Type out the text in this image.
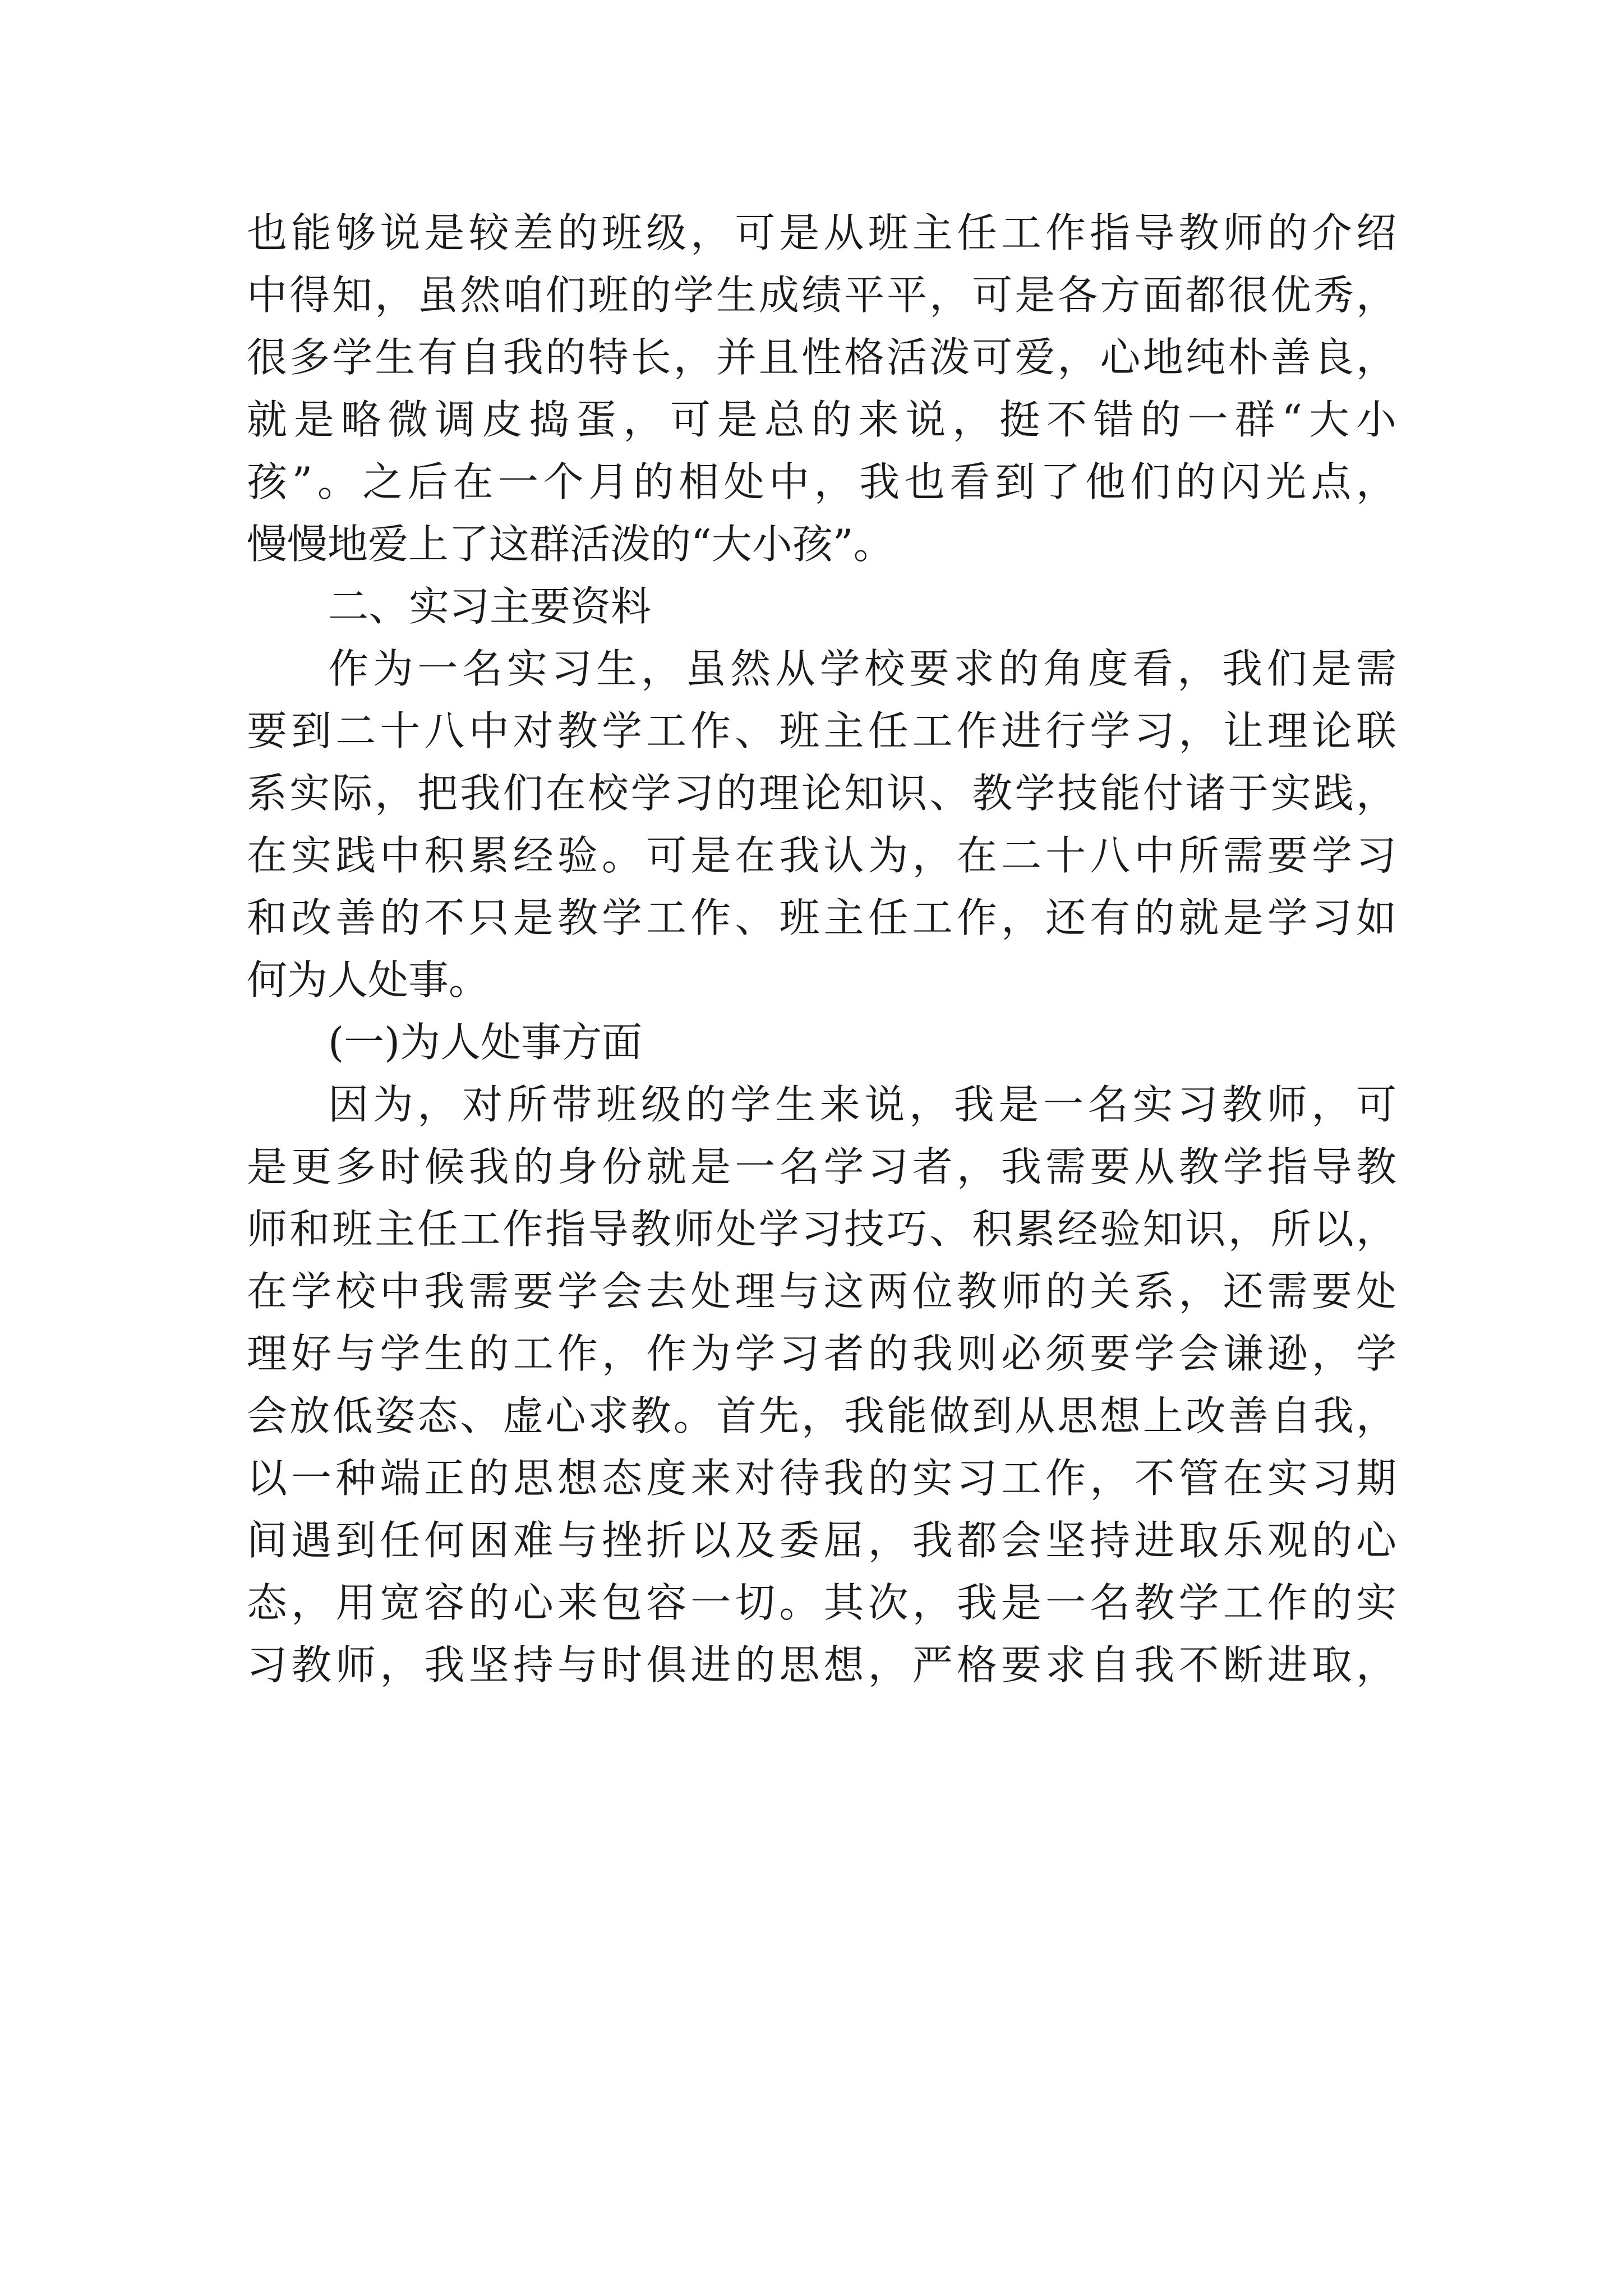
也能够说是较差的班级，可是从班主任工作指导教师的介绍
中得知，虽然咱们班的学生成绩平平，可是各方面都很优秀，
很多学生有自我的特长，并且性格活泼可爱，心地纯朴善良，
就是略微调皮捣蛋，可是总的来说，挺不错的一群“大小
孩”。之后在一个月的相处中，我也看到了他们的闪光点，
慢慢地爱上了这群活泼的“大小孩”。
二、实习主要资料
作为一名实习生，虽然从学校要求的角度看，我们是需
要到二十八中对教学工作、班主任工作进行学习，让理论联
系实际，把我们在校学习的理论知识、教学技能付诸于实践，
在实践中积累经验。可是在我认为，在二十八中所需要学习
和改善的不只是教学工作、班主任工作，还有的就是学习如
何为人处事。
(一)为人处事方面
因为，对所带班级的学生来说，我是一名实习教师，可
是更多时候我的身份就是一名学习者，我需要从教学指导教
师和班主任工作指导教师处学习技巧、积累经验知识，所以，
在学校中我需要学会去处理与这两位教师的关系，还需要处
理好与学生的工作，作为学习者的我则必须要学会谦逊，学
会放低姿态、虚心求教。首先，我能做到从思想上改善自我，
以一种端正的思想态度来对待我的实习工作，不管在实习期
间遇到任何困难与挫折以及委屈，我都会坚持进取乐观的心
态，用宽容的心来包容一切。其次，我是一名教学工作的实
习教师，我坚持与时俱进的思想，严格要求自我不断进取，
